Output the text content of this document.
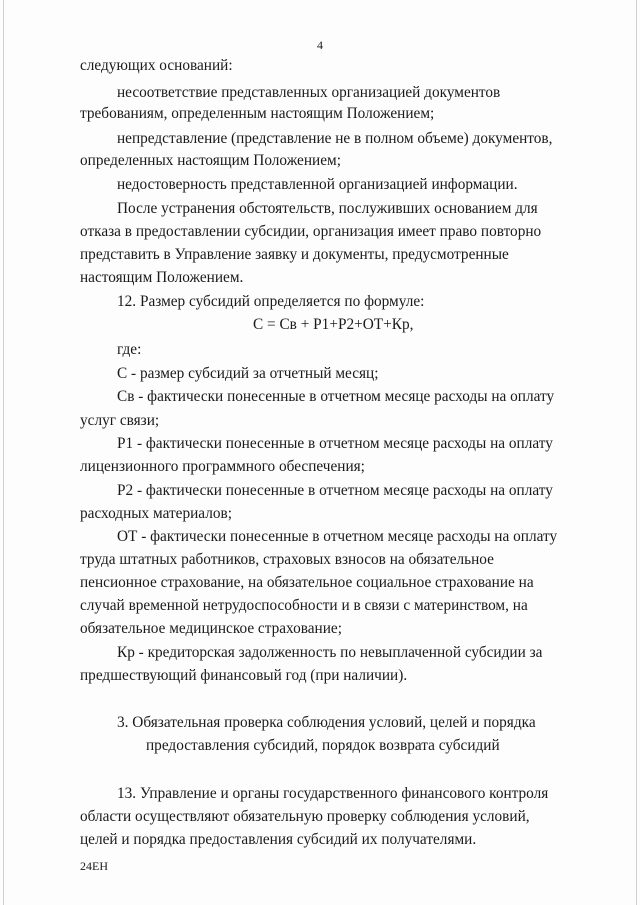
4
следующих оснований:
несоответствие представленных организацией документов
требованиям, определенным настоящим Положением;
непредставление (представление не в полном объеме) документов,
определенных настоящим Положением;
недостоверность представленной организацией информации.
После устранения обстоятельств, послуживших основанием для
отказа в предоставлении субсидии, организация имеет право повторно
представить в Управление заявку и документы, предусмотренные
настоящим Положением.
12. Размер субсидий определяется по формуле:
С = Св + Р1+Р2+ОТ+Кр,
где:
С - размер субсидий за отчетный месяц;
Св - фактически понесенные в отчетном месяце расходы на оплату
услуг связи;
Р1 - фактически понесенные в отчетном месяце расходы на оплату
лицензионного программного обеспечения;
Р2 - фактически понесенные в отчетном месяце расходы на оплату
расходных материалов;
ОТ - фактически понесенные в отчетном месяце расходы на оплату
труда штатных работников, страховых взносов на обязательное
пенсионное страхование, на обязательное социальное страхование на
случай временной нетрудоспособности и в связи с материнством, на
обязательное медицинское страхование;
Кр - кредиторская задолженность по невыплаченной субсидии за
предшествующий финансовый год (при наличии).
3. Обязательная проверка соблюдения условий, целей и порядка
предоставления субсидий, порядок возврата субсидий
13. Управление и органы государственного финансового контроля
области осуществляют обязательную проверку соблюдения условий,
целей и порядка предоставления субсидий их получателями.
24ЕН
